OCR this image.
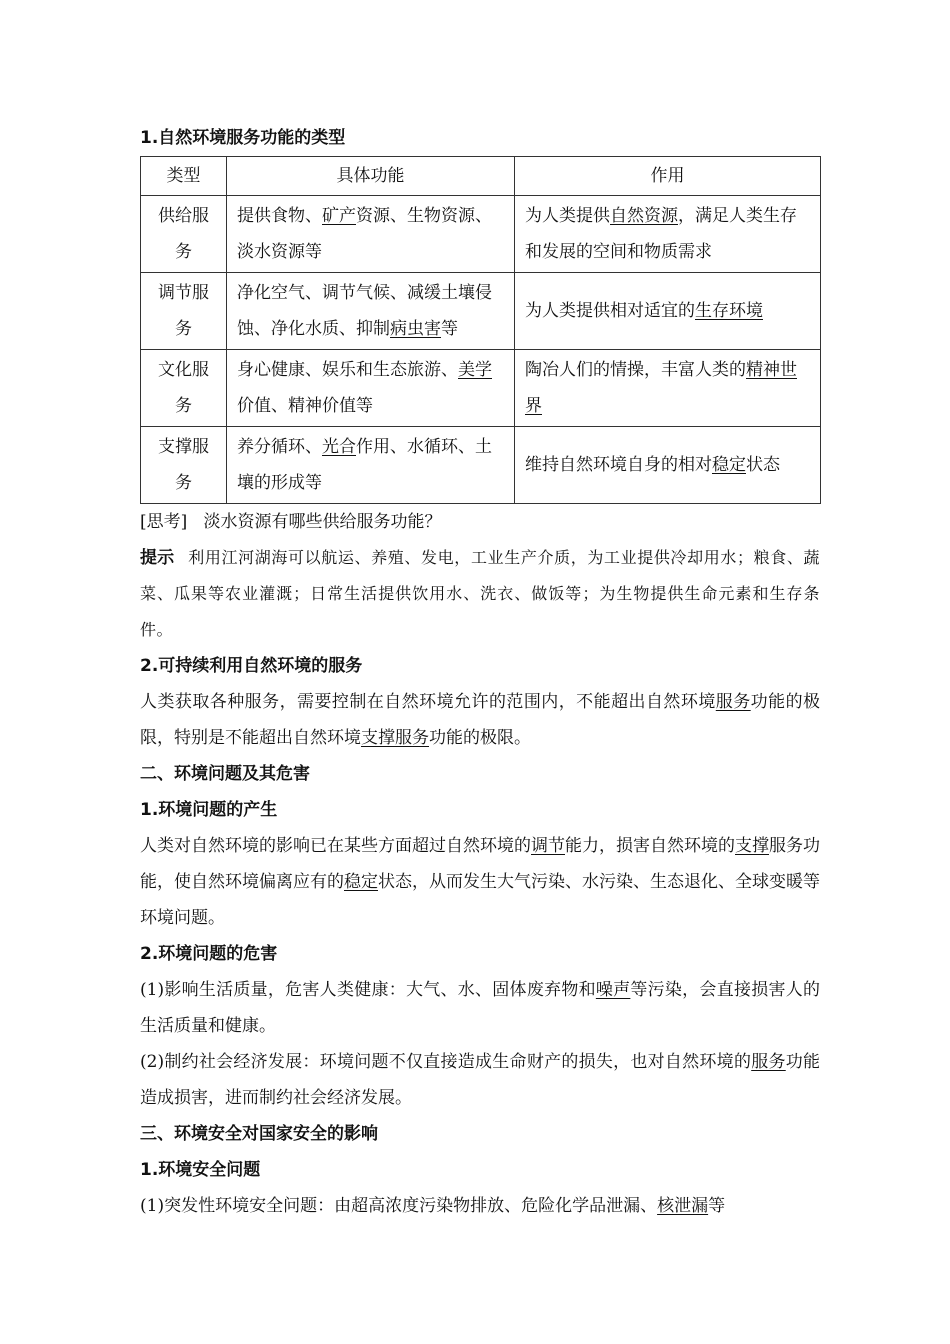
1.自然环境服务功能的类型
类型	具体功能	作用
供给服务	提供食物、矿产资源、生物资源、淡水资源等	为人类提供自然资源，满足人类生存和发展的空间和物质需求
调节服务	净化空气、调节气候、减缓土壤侵蚀、净化水质、抑制病虫害等	为人类提供相对适宜的生存环境
文化服务	身心健康、娱乐和生态旅游、美学价值、精神价值等	陶冶人们的情操，丰富人类的精神世界
支撑服务	养分循环、光合作用、水循环、土壤的形成等	维持自然环境自身的相对稳定状态

[思考] 淡水资源有哪些供给服务功能？

提示 利用江河湖海可以航运、养殖、发电，工业生产介质，为工业提供冷却用水；粮食、蔬菜、瓜果等农业灌溉；日常生活提供饮用水、洗衣、做饭等；为生物提供生命元素和生存条件。

2.可持续利用自然环境的服务

人类获取各种服务，需要控制在自然环境允许的范围内，不能超出自然环境服务功能的极限，特别是不能超出自然环境支撑服务功能的极限。

二、环境问题及其危害
1.环境问题的产生

人类对自然环境的影响已在某些方面超过自然环境的调节能力，损害自然环境的支撑服务功能，使自然环境偏离应有的稳定状态，从而发生大气污染、水污染、生态退化、全球变暖等环境问题。

2.环境问题的危害

(1)影响生活质量，危害人类健康：大气、水、固体废弃物和噪声等污染，会直接损害人的生活质量和健康。

(2)制约社会经济发展：环境问题不仅直接造成生命财产的损失，也对自然环境的服务功能造成损害，进而制约社会经济发展。

三、环境安全对国家安全的影响
1.环境安全问题

(1)突发性环境安全问题：由超高浓度污染物排放、危险化学品泄漏、核泄漏等
